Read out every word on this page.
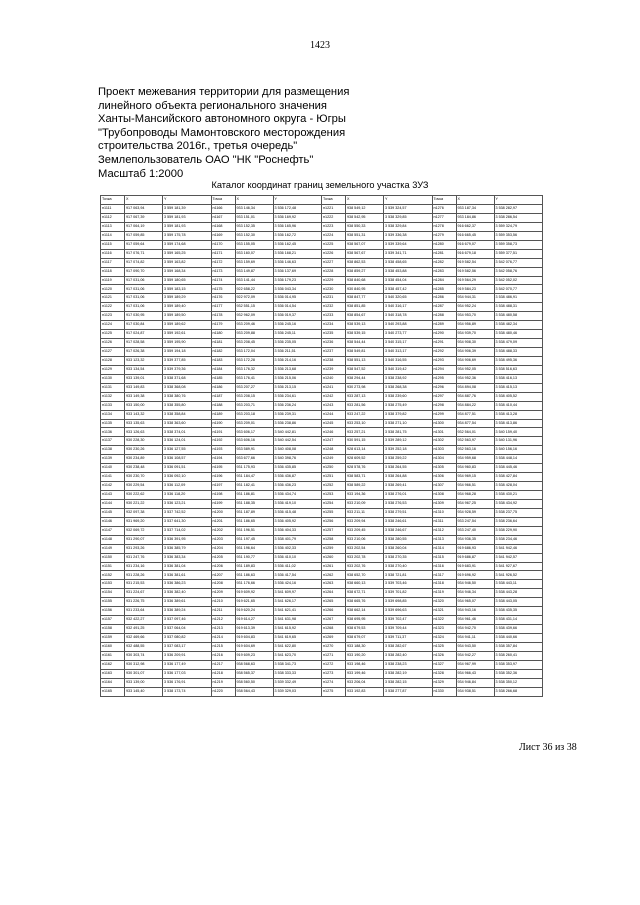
1423
Проект межевания территории для размещения
линейного объекта регионального значения
Ханты-Мансийского автономного округа - Югры
"Трубопроводы Мамонтовского месторождения
строительства 2016г., третья очередь"
Землепользователь ОАО "НК "Роснефть"
Масштаб 1:2000
Каталог координат границ земельного участка 3УЗ
Точка	X	Y	Точка	X	Y	Точка	X	Y	Точка	X	Y
н1111	917 063,94	3 559 181,39	н1166	933 146,34	3 536 172,48	н1221	938 549,12	3 539 324,57	н1276	933 187,34	3 538 282,97
н1112	917 067,39	3 559 181,93	н1167	933 151,01	3 536 169,92	н1222	938 542,95	3 538 329,85	н1277	933 184,86	3 538 286,54
н1113	917 064,19	3 559 181,93	н1168	933 152,35	3 536 165,96	н1223	938 550,33	3 538 329,84	н1278	916 662,37	3 559 324,79
н1114	917 059,85	3 559 175,78	н1169	933 152,30	3 536 162,72	н1224	938 551,31	3 539 336,38	н1279	916 665,45	3 559 353,56
н1115	917 059,64	3 559 174,68	н1170	933 155,05	3 536 162,45	н1225	938 567,07	3 539 339,64	н1280	916 679,07	3 559 358,73
н1116	917 076,71	3 559 165,25	н1171	933 160,07	3 536 168,21	н1226	938 567,67	3 539 341,71	н1281	916 679,18	3 559 377,51
н1117	917 074,82	3 559 163,82	н1172	933 159,69	3 536 146,63	н1227	938 862,53	3 538 458,65	н1282	919 582,54	3 542 076,77
н1118	917 090,70	3 559 168,34	н1173	933 149,87	3 536 137,69	н1228	938 859,27	3 538 453,88	н1283	919 582,56	3 542 058,76
н1119	917 031,06	3 559 180,65	н1174	933 141,44	3 536 179,23	н1229	938 840,68	3 538 454,04	н1284	919 564,29	3 542 052,02
н1120	917 031,06	3 559 183,15	н1175	922 658,22	3 536 043,34	н1230	930 840,95	3 538 457,42	н1285	919 584,23	3 542 070,77
н1121	917 031,06	3 559 189,29	н1176	922 972,09	3 536 014,95	н1231	938 847,77	3 540 320,65	н1286	934 944,31	3 538 486,91
н1122	917 031,06	3 559 189,40	н1177	932 551,15	3 536 014,54	н1232	938 851,85	3 540 316,17	н1287	934 952,24	3 538 488,31
н1123	917 030,95	3 559 189,50	н1178	932 962,09	3 536 019,37	н1233	938 854,67	3 540 318,78	н1288	934 953,70	3 538 480,58
н1124	917 030,84	3 559 189,62	н1179	933 209,46	3 536 245,16	н1234	938 539,13	3 540 293,88	н1289	934 956,89	3 538 482,34
н1125	917 024,87	3 559 192,61	н1180	933 209,88	3 536 245,11	н1235	938 539,15	3 540 273,77	н1290	934 939,70	3 538 480,46
н1126	917 028,58	3 559 195,90	н1181	933 208,45	3 536 235,05	н1236	938 544,44	3 540 315,17	н1291	934 908,30	3 538 479,09
н1127	917 026,38	3 559 194,18	н1182	933 172,04	3 536 211,51	н1237	938 549,81	3 540 313,17	н1292	934 906,39	3 538 488,33
н1128	933 123,32	3 539 377,85	н1183	933 172,28	3 536 214,16	н1238	938 551,13	3 540 316,55	н1293	934 906,69	3 538 495,36
н1129	933 134,54	3 539 379,36	н1184	933 176,32	3 536 213,68	н1239	938 547,52	3 540 319,42	н1294	934 952,05	3 538 516,63
н1130	933 139,01	3 538 371,68	н1185	933 176,41	3 536 215,06	н1240	938 294,44	3 538 238,92	н1295	934 952,36	3 538 416,13
н1131	933 149,83	3 538 368,08	н1186	933 207,27	3 536 213,15	н1241	930 273,98	3 538 268,38	н1296	934 894,08	3 538 415,13
н1132	933 149,38	3 538 380,76	н1187	933 208,15	3 536 234,61	н1242	933 287,13	3 538 239,60	н1297	934 887,76	3 538 405,52
н1133	933 150,00	3 538 355,80	н1188	933 203,71	3 536 236,24	н1243	933 281,56	3 538 275,49	н1298	934 884,22	3 538 410,44
н1134	933 143,32	3 538 358,84	н1189	933 203,18	3 536 239,31	н1244	933 247,22	3 538 379,82	н1299	934 877,51	3 538 413,28
н1135	933 135,63	3 538 363,60	н1190	933 209,01	3 536 238,86	н1245	933 253,10	3 538 271,10	н1300	934 877,54	3 538 413,86
н1136	933 126,63	3 538 374,01	н1191	933 606,17	3 540 442,81	н1246	933 257,21	3 538 281,75	н1301	932 564,01	3 540 159,40
н1137	930 228,30	3 536 124,01	н1192	933 606,16	3 540 442,54	н1247	930 591,15	3 539 289,12	н1302	932 563,97	3 540 131,96
н1138	930 230,26	3 536 127,55	н1193	933 589,91	3 540 408,08	н1248	928 613,14	3 539 252,18	н1303	932 563,16	3 540 156,16
н1139	930 234,89	3 536 108,57	н1194	933 677,66	3 540 398,76	н1249	928 609,52	3 538 259,22	н1304	934 959,68	3 538 448,14
н1140	930 238,48	3 536 091,51	н1195	931 175,93	3 536 435,85	н1250	928 578,76	3 538 264,55	н1305	934 960,83	3 538 445,46
н1141	930 230,70	3 536 092,10	н1196	931 184,47	3 536 436,87	н1251	938 583,71	3 538 264,88	н1306	934 969,15	3 538 427,84
н1142	930 229,54	3 536 112,09	н1197	931 182,41	3 536 436,23	н1252	938 589,22	3 538 269,41	н1307	934 966,51	3 538 428,04
н1143	930 222,62	3 536 118,20	н1198	931 186,81	3 536 434,74	н1253	933 194,36	3 538 276,01	н1308	934 968,28	3 538 430,21
н1144	930 221,22	3 536 123,21	н1199	931 188,35	3 536 419,10	н1254	933 210,09	3 538 276,53	н1309	934 967,25	3 538 434,92
н1145	932 097,38	3 537 742,52	н1200	931 187,89	3 536 415,48	н1255	933 211,11	3 538 279,51	н1310	934 928,59	3 538 237,75
н1146	931 969,20	3 537 641,30	н1201	931 186,65	3 536 405,92	н1256	933 209,94	3 538 246,61	н1311	933 247,54	3 538 236,64
н1147	932 069,72	3 537 714,02	н1202	931 196,51	3 536 404,33	н1257	933 209,45	3 538 246,67	н1312	933 247,40	3 538 229,90
н1148	931 290,07	3 536 391,95	н1203	931 197,45	3 538 401,79	н1258	933 210,06	3 538 280,55	н1313	934 936,35	3 538 234,46
н1149	931 293,26	3 536 385,79	н1204	931 196,64	3 536 402,33	н1259	933 202,54	3 538 260,04	н1314	919 686,93	3 541 942,46
н1150	931 247,76	3 536 383,34	н1205	931 190,77	3 536 410,10	н1260	933 202,78	3 538 270,35	н1315	919 686,87	3 541 942,57
н1151	931 234,16	3 536 381,04	н1206	931 189,83	3 536 411,02	н1261	933 202,76	3 538 270,40	н1316	919 683,91	3 541 927,67
н1152	931 228,26	3 536 381,61	н1207	931 186,63	3 536 417,54	н1262	938 652,70	3 538 721,81	н1317	919 696,92	3 541 926,52
н1153	931 215,53	3 536 386,23	н1208	931 176,66	3 536 424,16	н1263	938 660,13	3 539 703,46	н1318	934 946,50	3 538 443,11
н1154	931 224,67	3 536 382,40	н1209	919 609,92	3 541 609,97	н1264	938 672,71	3 539 701,82	н1319	934 946,34	3 538 443,28
н1155	931 226,75	3 536 389,61	н1210	919 621,65	3 541 626,17	н1265	938 665,76	3 539 698,85	н1320	934 965,07	3 538 443,05
н1156	931 233,64	3 536 389,24	н1211	919 620,24	3 541 621,41	н1266	938 662,14	3 539 696,63	н1321	934 943,16	3 538 435,35
н1157	932 422,27	3 537 097,46	н1212	919 614,27	3 541 631,98	н1267	938 695,95	3 539 702,47	н1322	934 961,46	3 538 431,14
н1158	932 491,25	3 537 064,04	н1213	919 613,39	3 541 615,92	н1268	938 679,53	3 539 709,44	н1323	934 942,70	3 538 439,66
н1159	932 469,66	3 537 080,82	н1214	919 604,83	3 541 619,65	н1269	938 679,07	3 539 711,37	н1324	934 941,11	3 538 440,66
н1160	932 488,55	3 537 083,17	н1215	919 604,69	3 541 622,80	н1270	933 188,30	3 538 282,67	н1325	934 943,50	3 538 357,84
н1161	930 303,74	3 536 209,91	н1216	919 609,23	3 541 623,70	н1271	933 190,20	3 538 282,40	н1326	934 942,27	3 538 260,41
н1162	930 312,98	3 536 177,49	н1217	938 568,63	3 538 341,73	н1272	933 198,46	3 538 238,23	н1327	934 967,99	3 538 353,97
н1163	930 301,07	3 536 177,03	н1218	938 565,37	3 538 333,33	н1273	933 199,46	3 538 282,19	н1328	934 966,43	3 538 352,36
н1164	933 139,00	3 536 176,91	н1219	938 560,50	3 539 332,49	н1274	933 206,04	3 538 282,15	н1329	934 946,84	3 538 350,12
н1165	933 145,40	3 538 173,74	н1220	938 564,43	3 539 329,03	н1275	933 192,83	3 538 277,87	н1330	934 938,51	3 538 266,68
Лист 36 из 38
